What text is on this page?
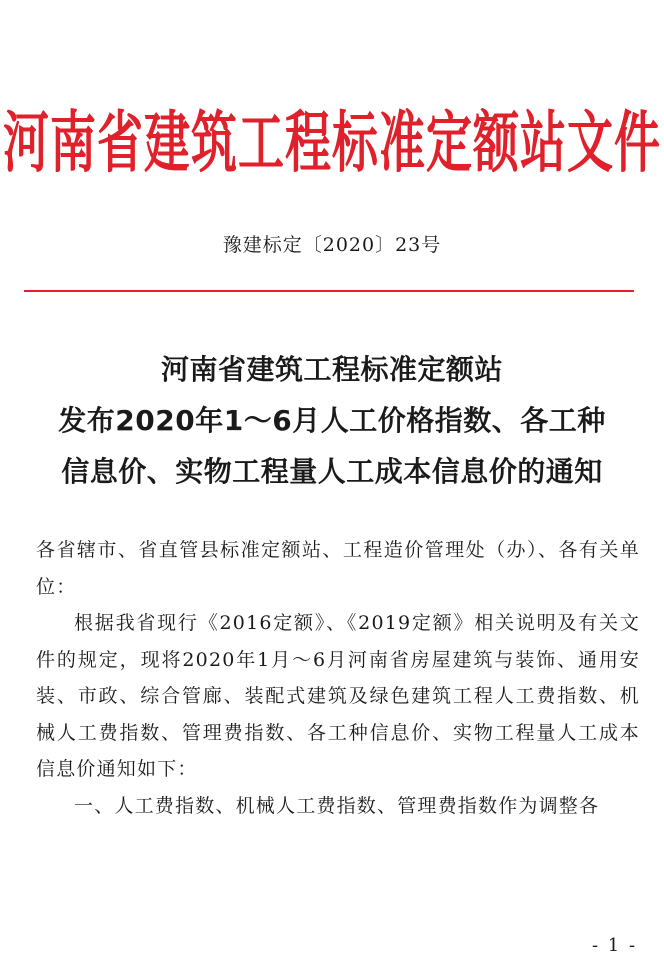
河南省建筑工程标准定额站文件
豫建标定〔2020〕23号
河南省建筑工程标准定额站
发布2020年1～6月人工价格指数、各工种
信息价、实物工程量人工成本信息价的通知

各省辖市、省直管县标准定额站、工程造价管理处（办）、各有关单位：

根据我省现行《2016定额》、《2019定额》相关说明及有关文件的规定，现将2020年1月～6月河南省房屋建筑与装饰、通用安装、市政、综合管廊、装配式建筑及绿色建筑工程人工费指数、机械人工费指数、管理费指数、各工种信息价、实物工程量人工成本信息价通知如下：

一、人工费指数、机械人工费指数、管理费指数作为调整各

- 1 -
